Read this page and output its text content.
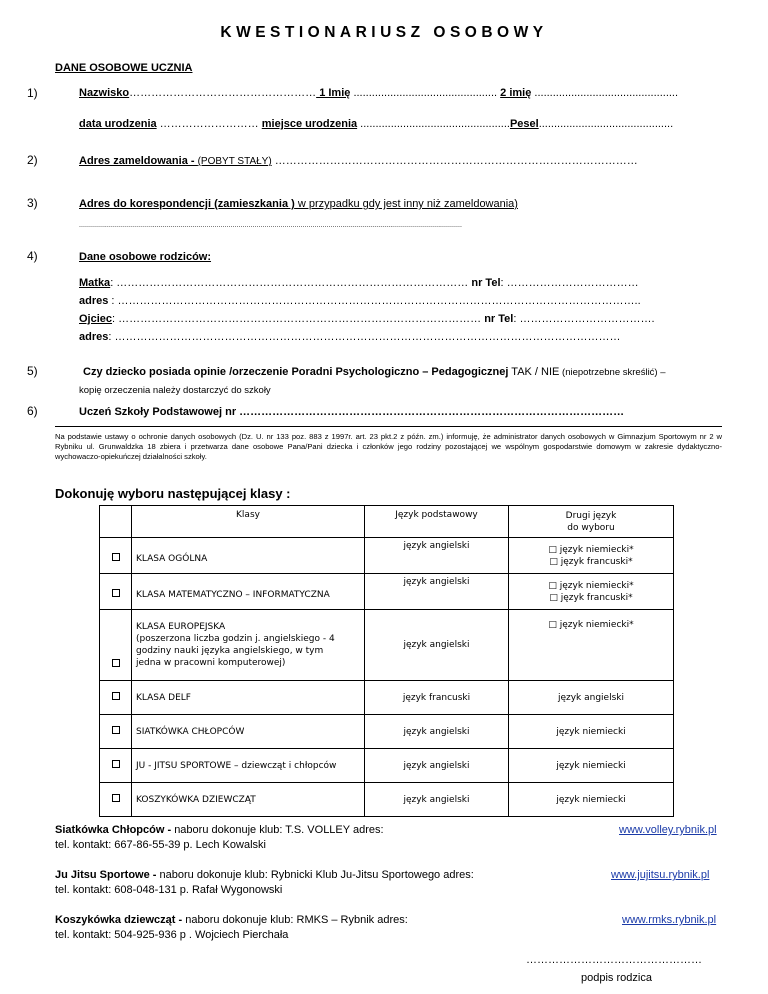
KWESTIONARIUSZ OSOBOWY
DANE OSOBOWE UCZNIA
1)	Nazwisko…………………………………………… 1 Imię ............................................... 2 imię ...............................................
data urodzenia ……………………… miejsce urodzenia .................................................Pesel............................................
2)	Adres zameldowania - (POBYT STAŁY) ………………………………………………………………………………………
3)	Adres do korespondencji (zamieszkania ) w przypadku gdy jest inny niż zameldowania)
................................................................................................................................................................................................
4)	Dane osobowe rodziców:
Matka: …………………………………………………………………………………… nr Tel: ………………………………
adres : ……………………………………………………………………………………………………………………………..
Ojciec: ……………………………………………………………………………………… nr Tel: ……………………………….
adres: …………………………………………………………………………………………………………………………
5)	Czy dziecko posiada opinie /orzeczenie Poradni Psychologiczno – Pedagogicznej TAK / NIE (niepotrzebne skreślić) –
kopię orzeczenia należy dostarczyć do szkoły
6)	Uczeń Szkoły Podstawowej nr ……………………………………………………………………………………………
Na podstawie ustawy o ochronie danych osobowych (Dz. U. nr 133 poz. 883 z 1997r. art. 23 pkt.2 z późn. zm.) informuję, że administrator danych osobowych w Gimnazjum Sportowym nr 2 w Rybniku ul. Grunwaldzka 18 zbiera i przetwarza dane osobowe Pana/Pani dziecka i członków jego rodziny pozostającej we wspólnym gospodarstwie domowym w zakresie dydaktyczno-wychowaczo-opiekuńczej działalności szkoły.
Dokonuję wyboru następującej klasy :
	Klasy	Język podstawowy	Drugi język
do wyboru

	KLASA OGÓLNA	język angielski	□ język niemiecki*
□ język francuski*

	KLASA MATEMATYCZNO – INFORMATYCZNA	język angielski	□ język niemiecki*
□ język francuski*

	KLASA EUROPEJSKA
(poszerzona liczba godzin j. angielskiego - 4 godziny nauki języka angielskiego, w tym jedna w pracowni komputerowej)	język angielski	□ język niemiecki*
	KLASA DELF	język francuski	język angielski
	SIATKÓWKA CHŁOPCÓW	język angielski	język niemiecki
	JU - JITSU SPORTOWE – dziewcząt i chłopców	język angielski	język niemiecki
	KOSZYKÓWKA DZIEWCZĄT	język angielski	język niemiecki
Siatkówka Chłopców - naboru dokonuje klub: T.S. VOLLEY adres:	www.volley.rybnik.pl
tel. kontakt: 667-86-55-39 p. Lech Kowalski
Ju Jitsu Sportowe - naboru dokonuje klub: Rybnicki Klub Ju-Jitsu Sportowego adres:	www.jujitsu.rybnik.pl
tel. kontakt: 608-048-131 p. Rafał Wygonowski
Koszykówka dziewcząt - naboru dokonuje klub: RMKS – Rybnik adres:	www.rmks.rybnik.pl
tel. kontakt: 504-925-936 p . Wojciech Pierchała
…………………………………………
podpis rodzica
